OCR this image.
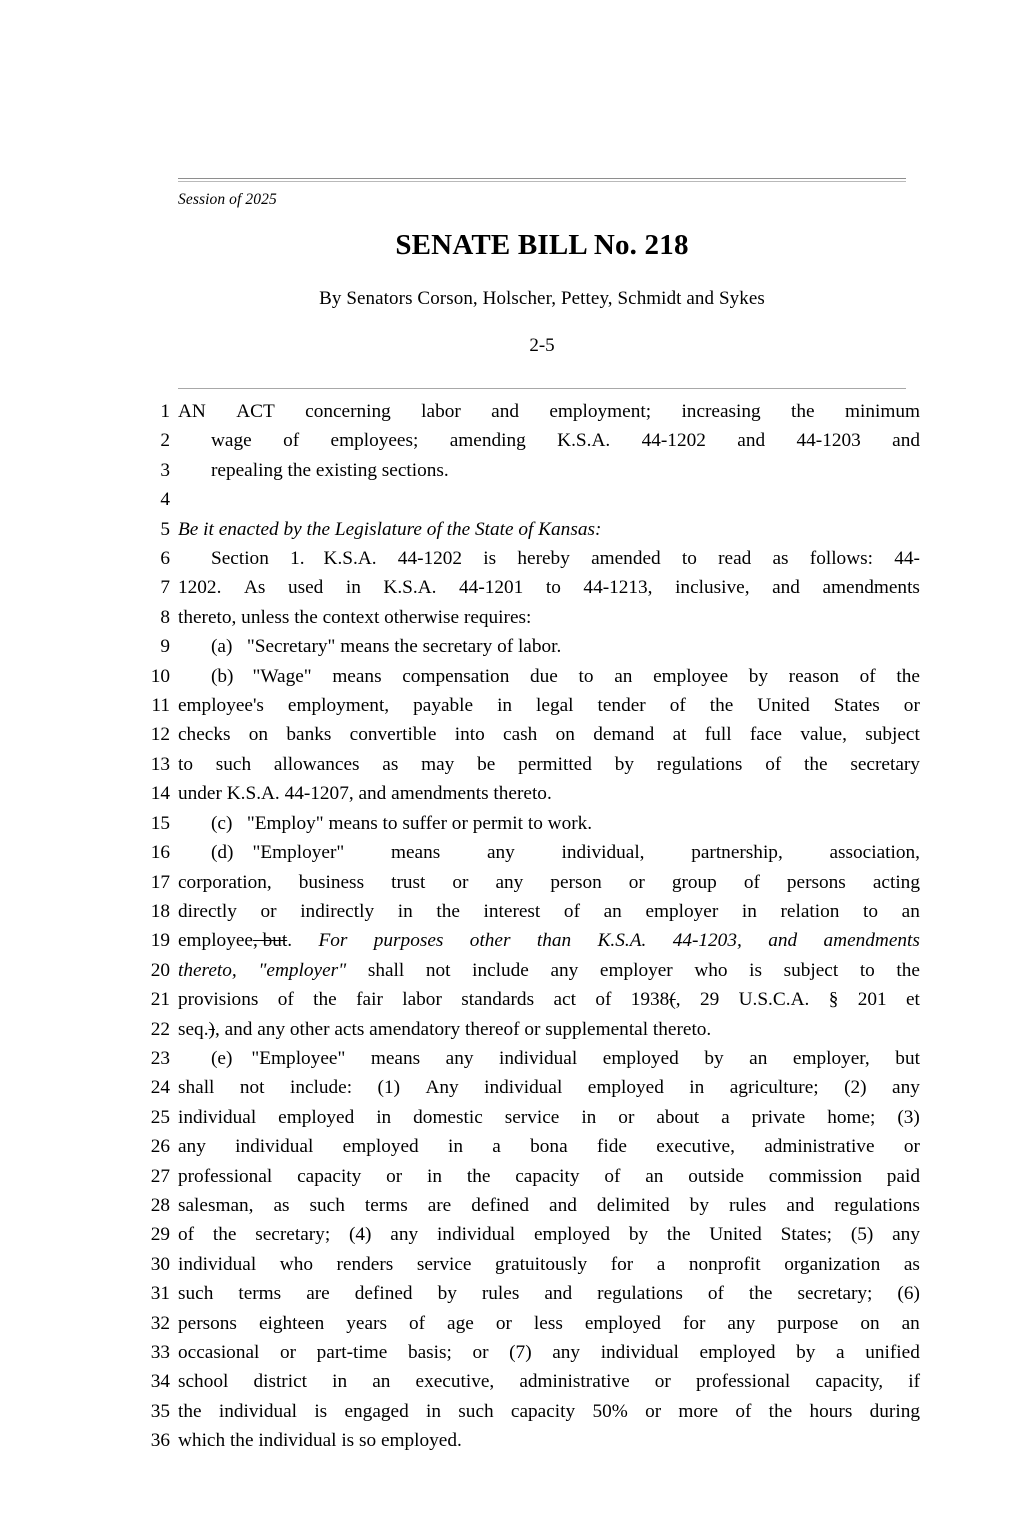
Session of 2025
SENATE BILL No. 218
By Senators Corson, Holscher, Pettey, Schmidt and Sykes
2-5
1 AN ACT concerning labor and employment; increasing the minimum
2	wage of employees; amending K.S.A. 44-1202 and 44-1203 and
3	repealing the existing sections.
4
5 Be it enacted by the Legislature of the State of Kansas:
6	Section 1. K.S.A. 44-1202 is hereby amended to read as follows: 44-
7 1202. As used in K.S.A. 44-1201 to 44-1213, inclusive, and amendments
8 thereto, unless the context otherwise requires:
9	(a)   "Secretary" means the secretary of labor.
10	(b) "Wage" means compensation due to an employee by reason of the
11 employee's employment, payable in legal tender of the United States or
12 checks on banks convertible into cash on demand at full face value, subject
13 to such allowances as may be permitted by regulations of the secretary
14 under K.S.A. 44-1207, and amendments thereto.
15	(c)   "Employ" means to suffer or permit to work.
16	(d) "Employer" means any individual, partnership, association,
17 corporation, business trust or any person or group of persons acting
18 directly or indirectly in the interest of an employer in relation to an
19 employee, but. For purposes other than K.S.A. 44-1203, and amendments
20 thereto, "employer" shall not include any employer who is subject to the
21 provisions of the fair labor standards act of 1938(, 29 U.S.C.A. § 201 et
22 seq.), and any other acts amendatory thereof or supplemental thereto.
23	(e) "Employee" means any individual employed by an employer, but
24 shall not include: (1) Any individual employed in agriculture; (2) any
25 individual employed in domestic service in or about a private home; (3)
26 any individual employed in a bona fide executive, administrative or
27 professional capacity or in the capacity of an outside commission paid
28 salesman, as such terms are defined and delimited by rules and regulations
29 of the secretary; (4) any individual employed by the United States; (5) any
30 individual who renders service gratuitously for a nonprofit organization as
31 such terms are defined by rules and regulations of the secretary; (6)
32 persons eighteen years of age or less employed for any purpose on an
33 occasional or part-time basis; or (7) any individual employed by a unified
34 school district in an executive, administrative or professional capacity, if
35 the individual is engaged in such capacity 50% or more of the hours during
36 which the individual is so employed.
